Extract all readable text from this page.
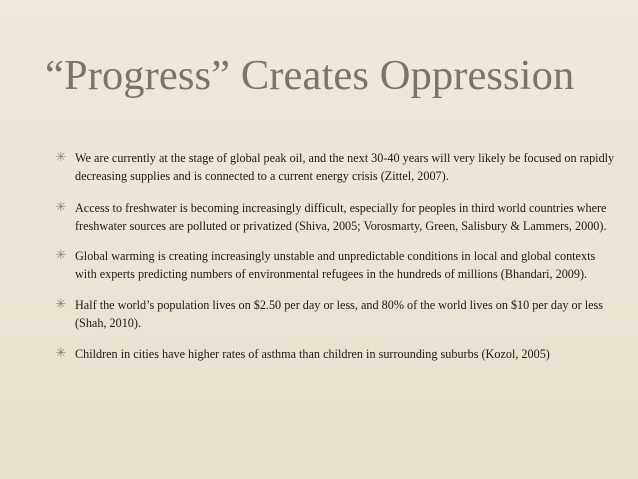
“Progress” Creates Oppression
✳ We are currently at the stage of global peak oil, and the next 30-40 years will very likely be focused on rapidly decreasing supplies and is connected to a current energy crisis (Zittel, 2007).
✳ Access to freshwater is becoming increasingly difficult, especially for peoples in third world countries where freshwater sources are polluted or privatized (Shiva, 2005; Vorosmarty, Green, Salisbury & Lammers, 2000).
✳ Global warming is creating increasingly unstable and unpredictable conditions in local and global contexts with experts predicting numbers of environmental refugees in the hundreds of millions (Bhandari, 2009).
✳ Half the world’s population lives on $2.50 per day or less, and 80% of the world lives on $10 per day or less (Shah, 2010).
✳ Children in cities have higher rates of asthma than children in surrounding suburbs (Kozol, 2005)
